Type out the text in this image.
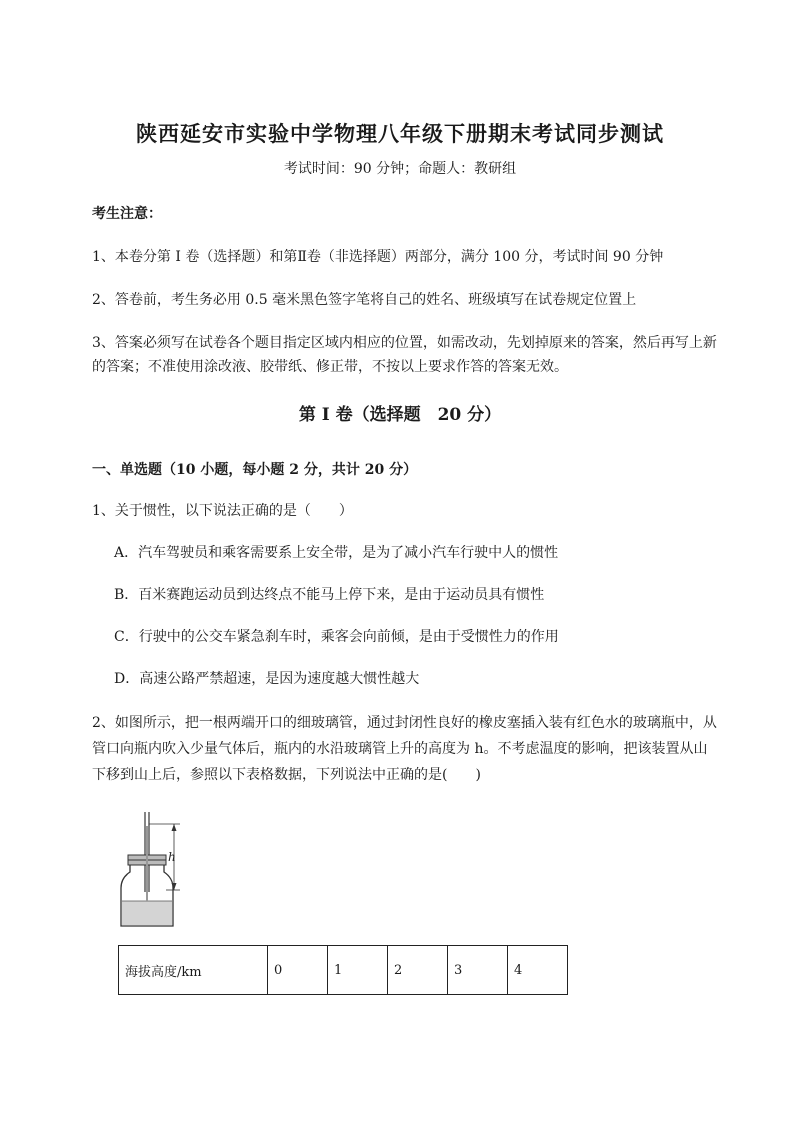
陕西延安市实验中学物理八年级下册期末考试同步测试
考试时间：90 分钟；命题人：教研组
考生注意：
1、本卷分第 I 卷（选择题）和第Ⅱ卷（非选择题）两部分，满分 100 分，考试时间 90 分钟
2、答卷前，考生务必用 0.5 毫米黑色签字笔将自己的姓名、班级填写在试卷规定位置上
3、答案必须写在试卷各个题目指定区域内相应的位置，如需改动，先划掉原来的答案，然后再写上新
的答案；不准使用涂改液、胶带纸、修正带，不按以上要求作答的答案无效。
第 I 卷（选择题　20 分）
一、单选题（10 小题，每小题 2 分，共计 20 分）
1、关于惯性，以下说法正确的是（　　）
A．汽车驾驶员和乘客需要系上安全带，是为了减小汽车行驶中人的惯性
B．百米赛跑运动员到达终点不能马上停下来，是由于运动员具有惯性
C．行驶中的公交车紧急刹车时，乘客会向前倾，是由于受惯性力的作用
D．高速公路严禁超速，是因为速度越大惯性越大
2、如图所示，把一根两端开口的细玻璃管，通过封闭性良好的橡皮塞插入装有红色水的玻璃瓶中，从
管口向瓶内吹入少量气体后，瓶内的水沿玻璃管上升的高度为 h。不考虑温度的影响，把该装置从山
下移到山上后，参照以下表格数据，下列说法中正确的是(　　)
h
海拔高度/km	0	1	2	3	4
